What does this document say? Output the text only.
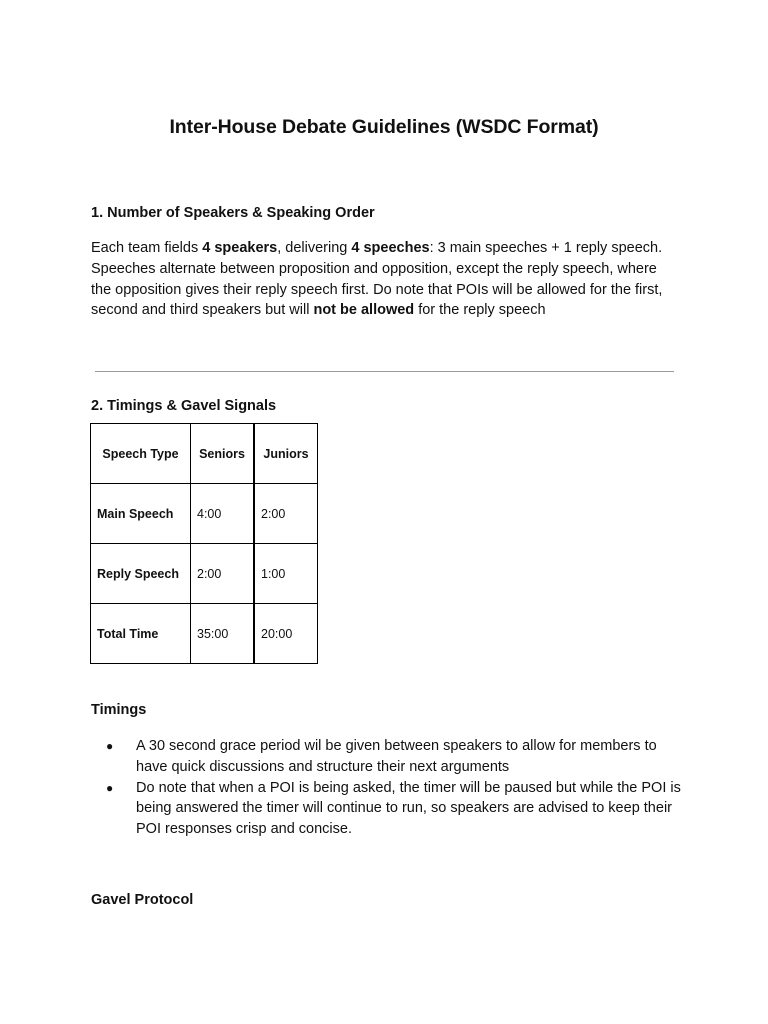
Inter-House Debate Guidelines (WSDC Format)
1. Number of Speakers & Speaking Order
Each team fields 4 speakers, delivering 4 speeches: 3 main speeches + 1 reply speech. Speeches alternate between proposition and opposition, except the reply speech, where the opposition gives their reply speech first. Do note that POIs will be allowed for the first, second and third speakers but will not be allowed for the reply speech
2. Timings & Gavel Signals
Speech Type	Seniors	Juniors
Main Speech	4:00	2:00
Reply Speech	2:00	1:00
Total Time	35:00	20:00
Timings
● A 30 second grace period wil be given between speakers to allow for members to have quick discussions and structure their next arguments
● Do note that when a POI is being asked, the timer will be paused but while the POI is being answered the timer will continue to run, so speakers are advised to keep their POI responses crisp and concise.
Gavel Protocol
